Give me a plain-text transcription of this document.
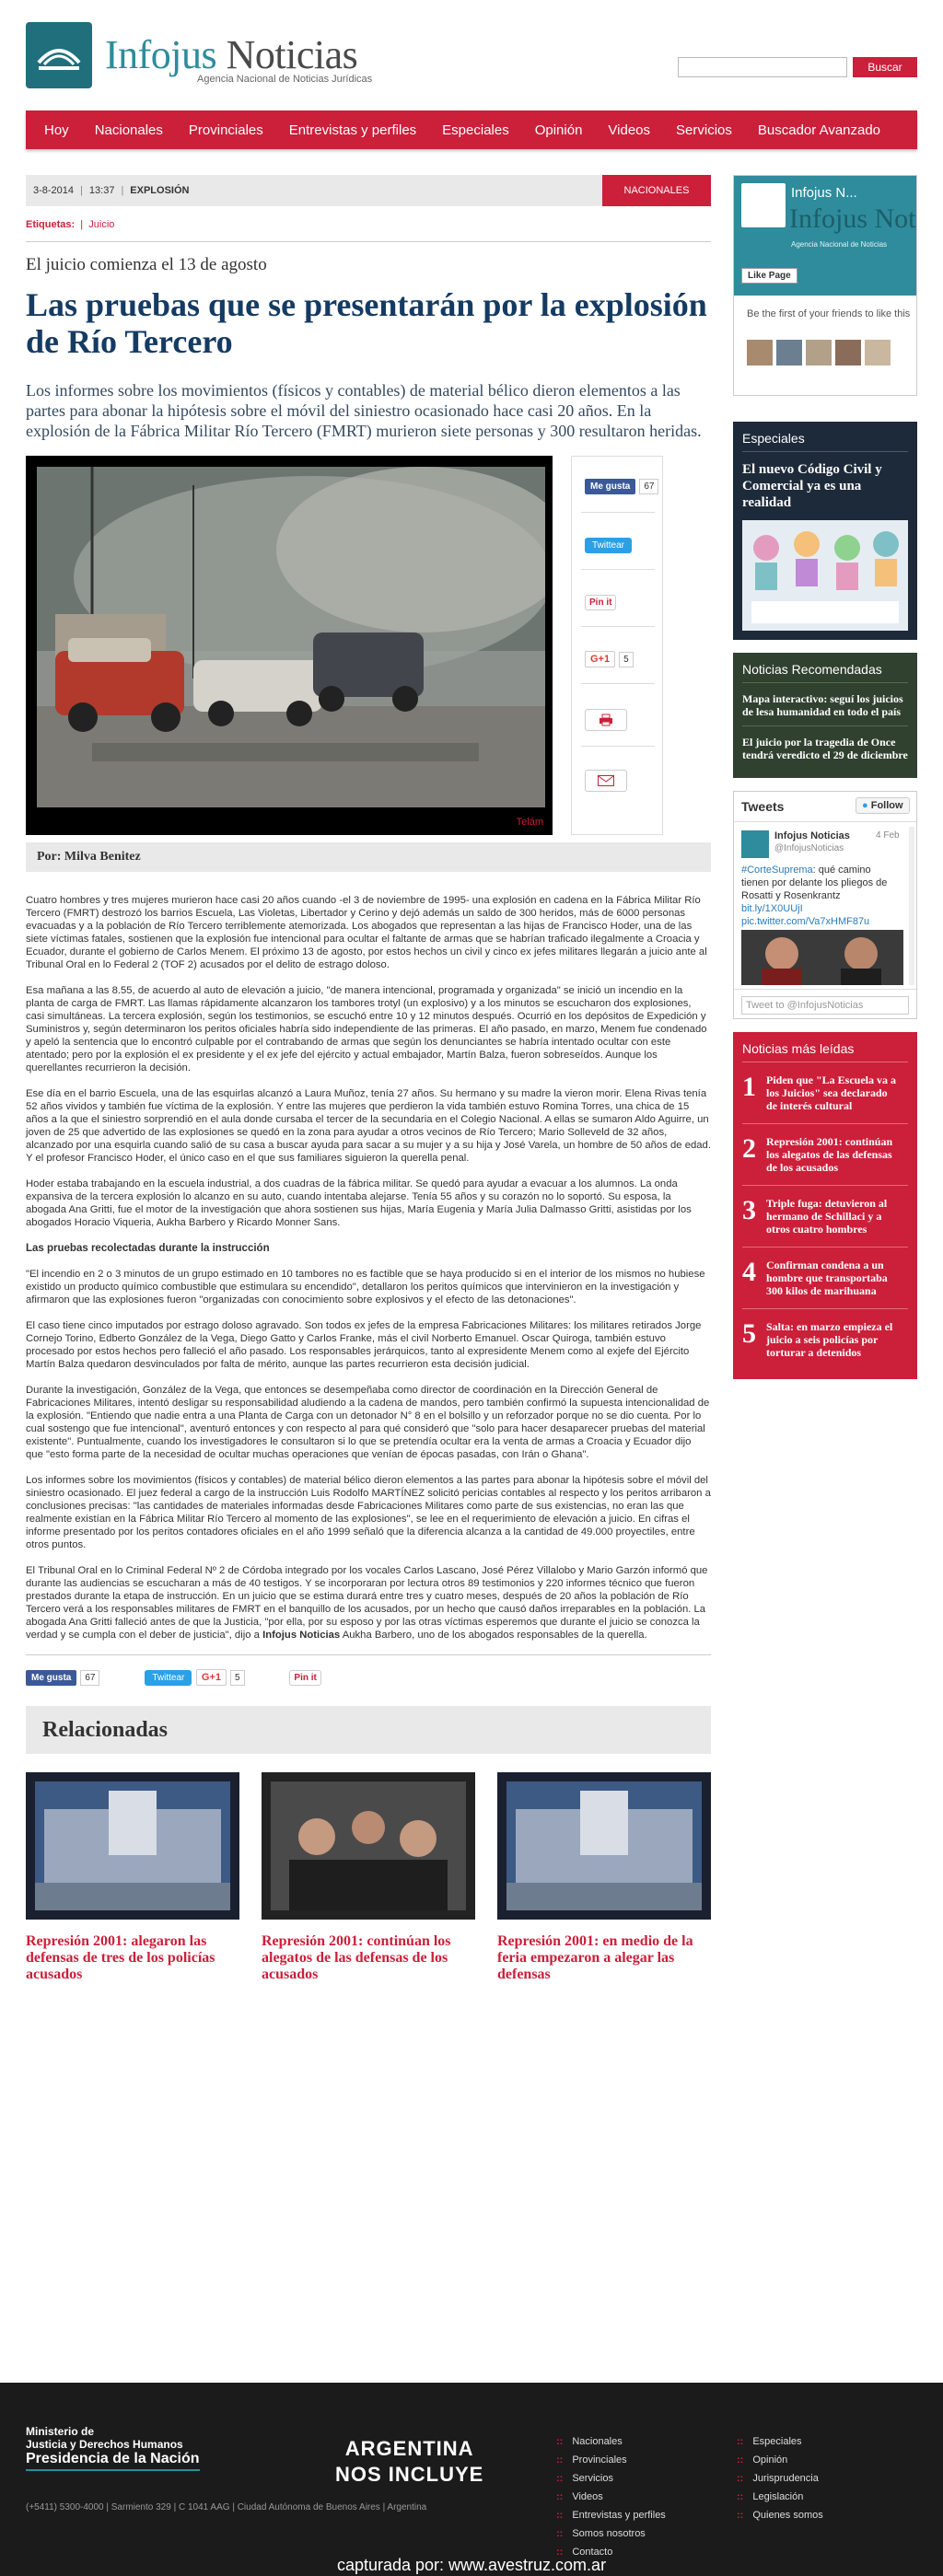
Infojus Noticias
Agencia Nacional de Noticias Jurídicas
Buscar
Hoy	Nacionales	Provinciales	Entrevistas y perfiles	Especiales	Opinión	Videos	Servicios	Buscador Avanzado
3-8-2014 | 13:37 | EXPLOSIÓN	NACIONALES
Etiquetas:  |  Juicio
El juicio comienza el 13 de agosto
Las pruebas que se presentarán por la explosión de Río Tercero
Los informes sobre los movimientos (físicos y contables) de material bélico dieron elementos a las partes para abonar la hipótesis sobre el móvil del siniestro ocasionado hace casi 20 años. En la explosión de la Fábrica Militar Río Tercero (FMRT) murieron siete personas y 300 resultaron heridas.
Telám
Me gusta 67
Twittear
Pin it
G+1 5
Por: Milva Benitez

Cuatro hombres y tres mujeres murieron hace casi 20 años cuando -el 3 de noviembre de 1995- una explosión en cadena en la Fábrica Militar Río Tercero (FMRT) destrozó los barrios Escuela, Las Violetas, Libertador y Cerino y dejó además un saldo de 300 heridos, más de 6000 personas evacuadas y a la población de Río Tercero terriblemente atemorizada. Los abogados que representan a las hijas de Francisco Hoder, una de las siete víctimas fatales, sostienen que la explosión fue intencional para ocultar el faltante de armas que se habrían traficado ilegalmente a Croacia y Ecuador, durante el gobierno de Carlos Menem. El próximo 13 de agosto, por estos hechos un civil y cinco ex jefes militares llegarán a juicio ante al Tribunal Oral en lo Federal 2 (TOF 2) acusados por el delito de estrago doloso.

Esa mañana a las 8.55, de acuerdo al auto de elevación a juicio, "de manera intencional, programada y organizada" se inició un incendio en la planta de carga de FMRT. Las llamas rápidamente alcanzaron los tambores trotyl (un explosivo) y a los minutos se escucharon dos explosiones, casi simultáneas. La tercera explosión, según los testimonios, se escuchó entre 10 y 12 minutos después. Ocurrió en los depósitos de Expedición y Suministros y, según determinaron los peritos oficiales habría sido independiente de las primeras. El año pasado, en marzo, Menem fue condenado y apeló la sentencia que lo encontró culpable por el contrabando de armas que según los denunciantes se habría intentado ocultar con este atentado; pero por la explosión el ex presidente y el ex jefe del ejército y actual embajador, Martín Balza, fueron sobreseídos. Aunque los querellantes recurrieron la decisión.

Ese día en el barrio Escuela, una de las esquirlas alcanzó a Laura Muñoz, tenía 27 años. Su hermano y su madre la vieron morir. Elena Rivas tenía 52 años vividos y también fue víctima de la explosión. Y entre las mujeres que perdieron la vida también estuvo Romina Torres, una chica de 15 años a la que el siniestro sorprendió en el aula donde cursaba el tercer de la secundaria en el Colegio Nacional. A ellas se sumaron Aldo Aguirre, un joven de 25 que advertido de las explosiones se quedó en la zona para ayudar a otros vecinos de Río Tercero; Mario Solleveld de 32 años, alcanzado por una esquirla cuando salió de su casa a buscar ayuda para sacar a su mujer y a su hija y José Varela, un hombre de 50 años de edad. Y el profesor Francisco Hoder, el único caso en el que sus familiares siguieron la querella penal.

Hoder estaba trabajando en la escuela industrial, a dos cuadras de la fábrica militar. Se quedó para ayudar a evacuar a los alumnos. La onda expansiva de la tercera explosión lo alcanzo en su auto, cuando intentaba alejarse. Tenía 55 años y su corazón no lo soportó. Su esposa, la abogada Ana Gritti, fue el motor de la investigación que ahora sostienen sus hijas, María Eugenia y María Julia Dalmasso Gritti, asistidas por los abogados Horacio Viqueria, Aukha Barbero y Ricardo Monner Sans.

Las pruebas recolectadas durante la instrucción

"El incendio en 2 o 3 minutos de un grupo estimado en 10 tambores no es factible que se haya producido si en el interior de los mismos no hubiese existido un producto químico combustible que estimulara su encendido", detallaron los peritos químicos que intervinieron en la investigación y afirmaron que las explosiones fueron "organizadas con conocimiento sobre explosivos y el efecto de las detonaciones".

El caso tiene cinco imputados por estrago doloso agravado. Son todos ex jefes de la empresa Fabricaciones Militares: los militares retirados Jorge Cornejo Torino, Edberto González de la Vega, Diego Gatto y Carlos Franke, más el civil Norberto Emanuel. Oscar Quiroga, también estuvo procesado por estos hechos pero falleció el año pasado. Los responsables jerárquicos, tanto al expresidente Menem como al exjefe del Ejército Martín Balza quedaron desvinculados por falta de mérito, aunque las partes recurrieron esta decisión judicial.

Durante la investigación, González de la Vega, que entonces se desempeñaba como director de coordinación en la Dirección General de Fabricaciones Militares, intentó desligar su responsabilidad aludiendo a la cadena de mandos, pero también confirmó la supuesta intencionalidad de la explosión. "Entiendo que nadie entra a una Planta de Carga con un detonador N° 8 en el bolsillo y un reforzador porque no se dio cuenta. Por lo cual sostengo que fue intencional", aventuró entonces y con respecto al para qué consideró que "solo para hacer desaparecer pruebas del material existente". Puntualmente, cuando los investigadores le consultaron si lo que se pretendía ocultar era la venta de armas a Croacia y Ecuador dijo que "esto forma parte de la necesidad de ocultar muchas operaciones que venían de épocas pasadas, con Irán o Ghana".

Los informes sobre los movimientos (físicos y contables) de material bélico dieron elementos a las partes para abonar la hipótesis sobre el móvil del siniestro ocasionado. El juez federal a cargo de la instrucción Luis Rodolfo MARTÍNEZ solicitó pericias contables al respecto y los peritos arribaron a conclusiones precisas: "las cantidades de materiales informadas desde Fabricaciones Militares como parte de sus existencias, no eran las que realmente existían en la Fábrica Militar Río Tercero al momento de las explosiones", se lee en el requerimiento de elevación a juicio. En cifras el informe presentado por los peritos contadores oficiales en el año 1999 señaló que la diferencia alcanza a la cantidad de 49.000 proyectiles, entre otros puntos.

El Tribunal Oral en lo Criminal Federal Nº 2 de Córdoba integrado por los vocales Carlos Lascano, José Pérez Villalobo y Mario Garzón informó que durante las audiencias se escucharan a más de 40 testigos. Y se incorporaran por lectura otros 89 testimonios y 220 informes técnico que fueron prestados durante la etapa de instrucción. En un juicio que se estima durará entre tres y cuatro meses, después de 20 años la población de Río Tercero verá a los responsables militares de FMRT en el banquillo de los acusados, por un hecho que causó daños irreparables en la población. La abogada Ana Gritti falleció antes de que la Justicia, "por ella, por su esposo y por las otras víctimas esperemos que durante el juicio se conozca la verdad y se cumpla con el deber de justicia", dijo a Infojus Noticias Aukha Barbero, uno de los abogados responsables de la querella.

Me gusta 67	Twittear G+1 5	Pin it
Relacionadas
Represión 2001: alegaron las defensas de tres de los policías acusados
Represión 2001: continúan los alegatos de las defensas de los acusados
Represión 2001: en medio de la feria empezaron a alegar las defensas
Infojus N...
Infojus Not
Agencia Nacional de Noticias
Like Page
Be the first of your friends to like this
Especiales
El nuevo Código Civil y Comercial ya es una realidad
Noticias Recomendadas
Mapa interactivo: seguí los juicios de lesa humanidad en todo el país
El juicio por la tragedia de Once tendrá veredicto el 29 de diciembre
Tweets	● Follow
Infojus Noticias	4 Feb
@InfojusNoticias
#CorteSuprema: qué camino tienen por delante los pliegos de Rosatti y Rosenkrantz bit.ly/1X0UUjI pic.twitter.com/Va7xHMF87u
Tweet to @InfojusNoticias
Noticias más leídas
1 Piden que "La Escuela va a los Juicios" sea declarado de interés cultural
2 Represión 2001: continúan los alegatos de las defensas de los acusados
3 Triple fuga: detuvieron al hermano de Schillaci y a otros cuatro hombres
4 Confirman condena a un hombre que transportaba 300 kilos de marihuana
5 Salta: en marzo empieza el juicio a seis policías por torturar a detenidos
Ministerio de
Justicia y Derechos Humanos
Presidencia de la Nación
(+5411) 5300-4000 | Sarmiento 329 | C 1041 AAG | Ciudad Autónoma de Buenos Aires | Argentina
ARGENTINA
NOS INCLUYE
:: Nacionales
:: Provinciales
:: Servicios
:: Videos
:: Entrevistas y perfiles
:: Somos nosotros
:: Contacto
:: Especiales
:: Opinión
:: Jurisprudencia
:: Legislación
:: Quienes somos
capturada por: www.avestruz.com.ar
